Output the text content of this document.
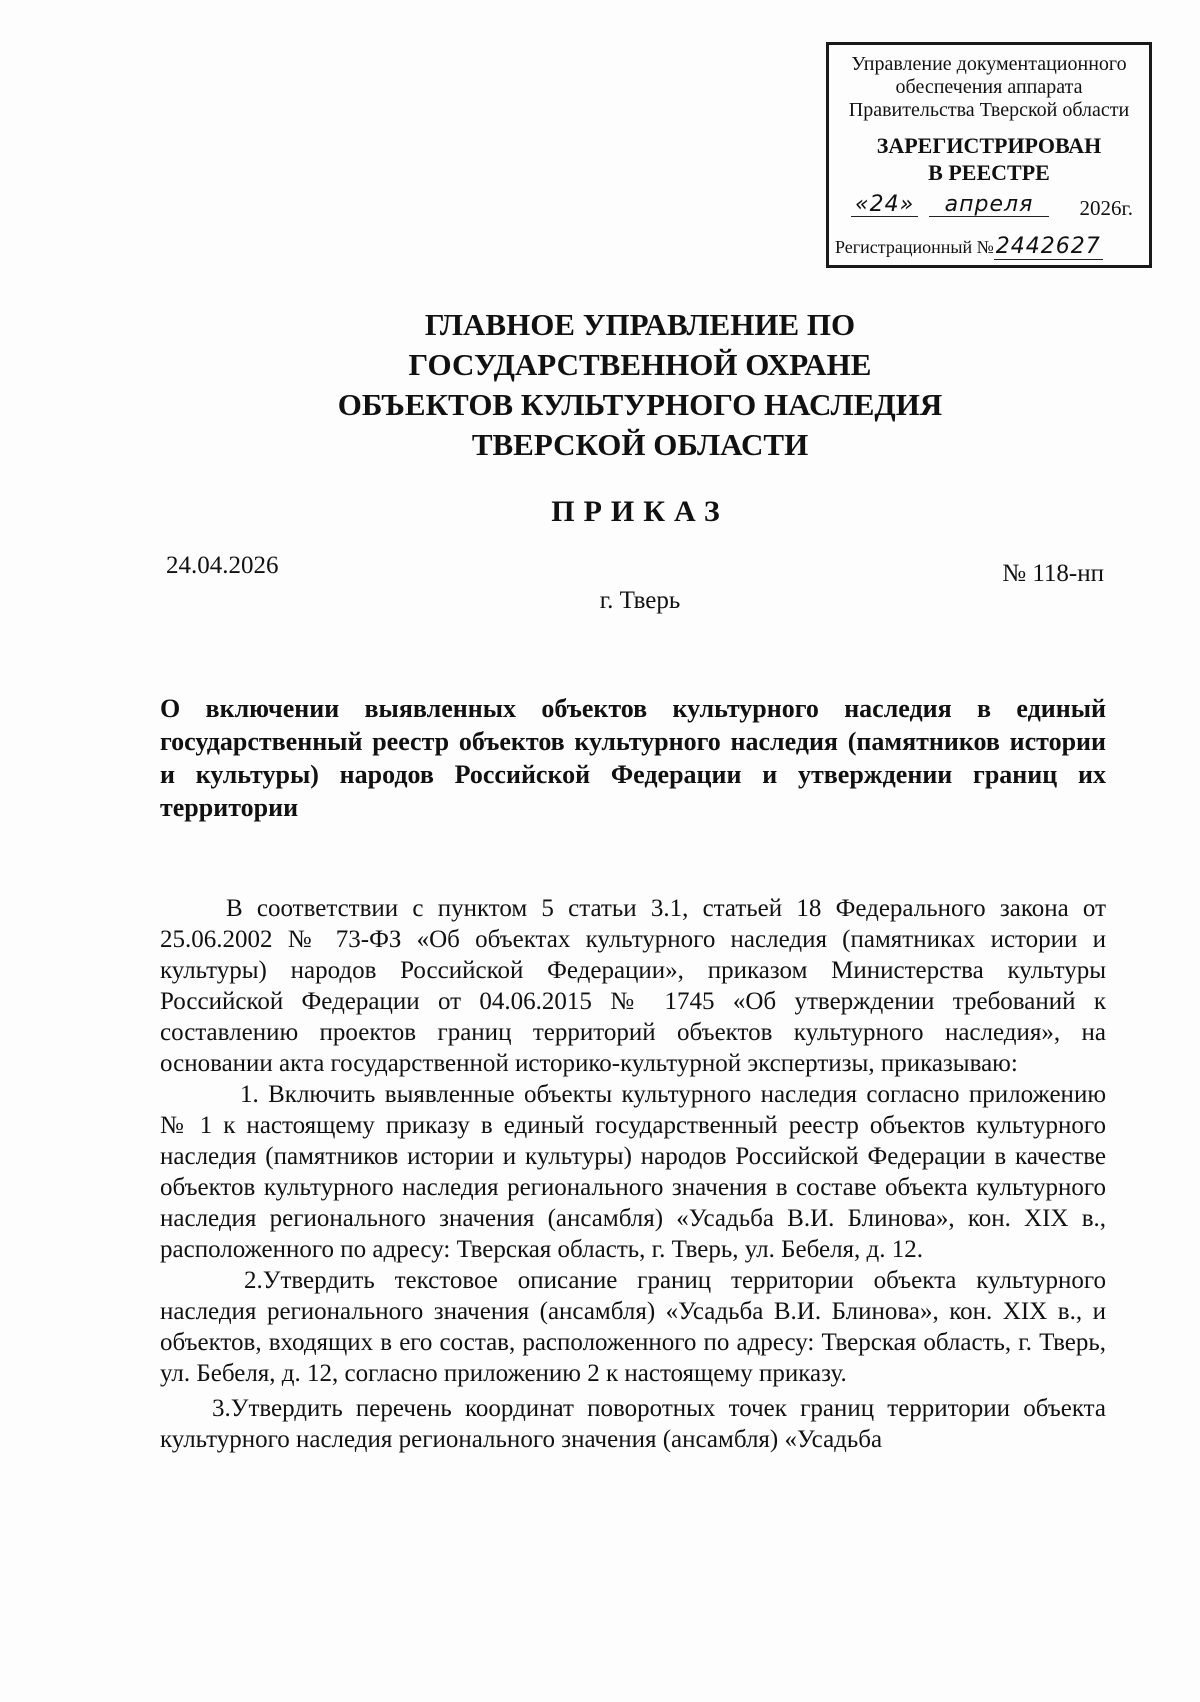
Управление документационного
обеспечения аппарата
Правительства Тверской области
ЗАРЕГИСТРИРОВАН
В РЕЕСТРЕ
«24»	апреля	2026г.
Регистрационный №2442627
ГЛАВНОЕ УПРАВЛЕНИЕ ПО
ГОСУДАРСТВЕННОЙ ОХРАНЕ
ОБЪЕКТОВ КУЛЬТУРНОГО НАСЛЕДИЯ
ТВЕРСКОЙ ОБЛАСТИ
ПРИКАЗ
24.04.2026	№ 118-нп
г. Тверь
О включении выявленных объектов культурного наследия в единый государственный реестр объектов культурного наследия (памятников истории и культуры) народов Российской Федерации и утверждении границ их территории

В соответствии с пунктом 5 статьи 3.1, статьей 18 Федерального закона от 25.06.2002 № 73-ФЗ «Об объектах культурного наследия (памятниках истории и культуры) народов Российской Федерации», приказом Министерства культуры Российской Федерации от 04.06.2015 № 1745 «Об утверждении требований к составлению проектов границ территорий объектов культурного наследия», на основании акта государственной историко-культурной экспертизы, приказываю:

1. Включить выявленные объекты культурного наследия согласно приложению № 1 к настоящему приказу в единый государственный реестр объектов культурного наследия (памятников истории и культуры) народов Российской Федерации в качестве объектов культурного наследия регионального значения в составе объекта культурного наследия регионального значения (ансамбля) «Усадьба В.И. Блинова», кон. XIX в., расположенного по адресу: Тверская область, г. Тверь, ул. Бебеля, д. 12.

2.Утвердить текстовое описание границ территории объекта культурного наследия регионального значения (ансамбля) «Усадьба В.И. Блинова», кон. XIX в., и объектов, входящих в его состав, расположенного по адресу: Тверская область, г. Тверь, ул. Бебеля, д. 12, согласно приложению 2 к настоящему приказу.

3.Утвердить перечень координат поворотных точек границ территории объекта культурного наследия регионального значения (ансамбля) «Усадьба
